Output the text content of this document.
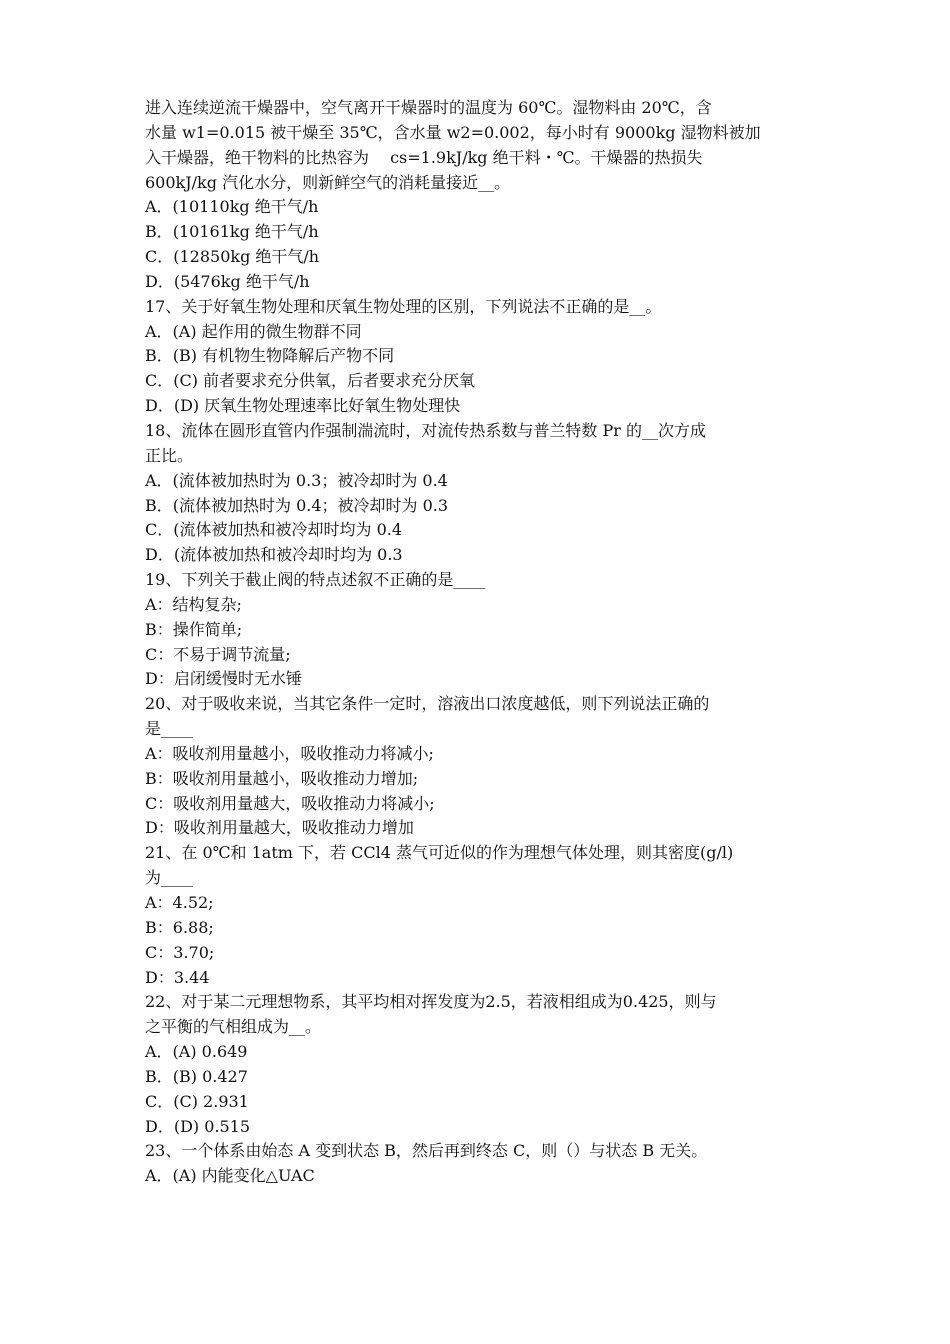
进入连续逆流干燥器中，空气离开干燥器时的温度为 60℃。湿物料由 20℃，含
水量 w1=0.015 被干燥至 35℃，含水量 w2=0.002，每小时有 9000kg 湿物料被加
入干燥器，绝干物料的比热容为　 cs=1.9kJ/kg 绝干料・℃。干燥器的热损失
600kJ/kg 汽化水分，则新鲜空气的消耗量接近__。
A．(10110kg 绝干气/h
B．(10161kg 绝干气/h
C．(12850kg 绝干气/h
D．(5476kg 绝干气/h
17、关于好氧生物处理和厌氧生物处理的区别，下列说法不正确的是__。
A．(A) 起作用的微生物群不同
B．(B) 有机物生物降解后产物不同
C．(C) 前者要求充分供氧，后者要求充分厌氧
D．(D) 厌氧生物处理速率比好氧生物处理快
18、流体在圆形直管内作强制湍流时，对流传热系数与普兰特数 Pr 的__次方成
正比。
A．(流体被加热时为 0.3；被冷却时为 0.4
B．(流体被加热时为 0.4；被冷却时为 0.3
C．(流体被加热和被冷却时均为 0.4
D．(流体被加热和被冷却时均为 0.3
19、下列关于截止阀的特点述叙不正确的是____
A：结构复杂;
B：操作简单;
C：不易于调节流量;
D：启闭缓慢时无水锤
20、对于吸收来说，当其它条件一定时，溶液出口浓度越低，则下列说法正确的
是____
A：吸收剂用量越小，吸收推动力将减小;
B：吸收剂用量越小，吸收推动力增加;
C：吸收剂用量越大，吸收推动力将减小;
D：吸收剂用量越大，吸收推动力增加
21、在 0℃和 1atm 下，若 CCl4 蒸气可近似的作为理想气体处理，则其密度(g/l)
为____
A：4.52;
B：6.88;
C：3.70;
D：3.44
22、对于某二元理想物系，其平均相对挥发度为2.5，若液相组成为0.425，则与
之平衡的气相组成为__。
A．(A) 0.649
B．(B) 0.427
C．(C) 2.931
D．(D) 0.515
23、一个体系由始态 A 变到状态 B，然后再到终态 C，则（）与状态 B 无关。
A．(A) 内能变化△UAC
